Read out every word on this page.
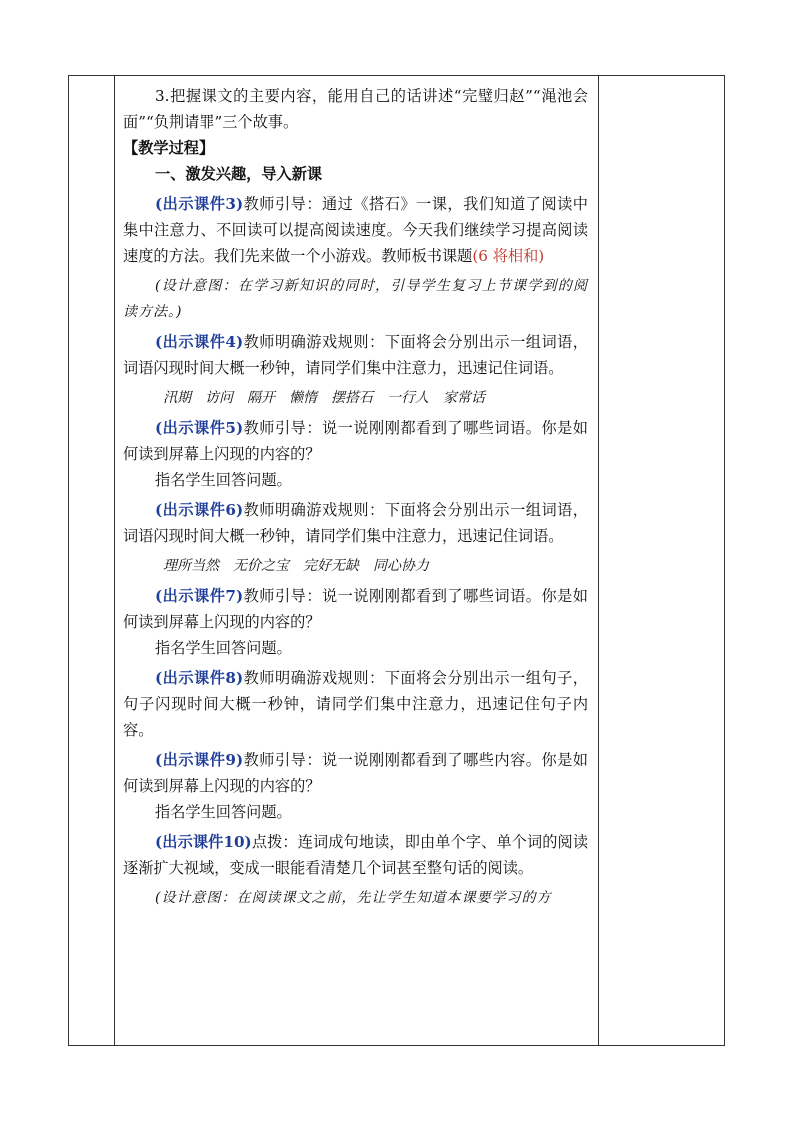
3.把握课文的主要内容，能用自己的话讲述“完璧归赵”“渑池会面”“负荆请罪”三个故事。

【教学过程】

一、激发兴趣，导入新课

(出示课件3)教师引导：通过《搭石》一课，我们知道了阅读中集中注意力、不回读可以提高阅读速度。今天我们继续学习提高阅读速度的方法。我们先来做一个小游戏。教师板书课题(6 将相和)

(设计意图：在学习新知识的同时，引导学生复习上节课学到的阅读方法。)

(出示课件4)教师明确游戏规则：下面将会分别出示一组词语，词语闪现时间大概一秒钟，请同学们集中注意力，迅速记住词语。

汛期 访问 隔开 懒惰 摆搭石 一行人 家常话

(出示课件5)教师引导：说一说刚刚都看到了哪些词语。你是如何读到屏幕上闪现的内容的？

指名学生回答问题。

(出示课件6)教师明确游戏规则：下面将会分别出示一组词语，词语闪现时间大概一秒钟，请同学们集中注意力，迅速记住词语。

理所当然 无价之宝 完好无缺 同心协力

(出示课件7)教师引导：说一说刚刚都看到了哪些词语。你是如何读到屏幕上闪现的内容的？

指名学生回答问题。

(出示课件8)教师明确游戏规则：下面将会分别出示一组句子，句子闪现时间大概一秒钟，请同学们集中注意力，迅速记住句子内容。

(出示课件9)教师引导：说一说刚刚都看到了哪些内容。你是如何读到屏幕上闪现的内容的？

指名学生回答问题。

(出示课件10)点拨：连词成句地读，即由单个字、单个词的阅读逐渐扩大视域，变成一眼能看清楚几个词甚至整句话的阅读。

(设计意图：在阅读课文之前，先让学生知道本课要学习的方
